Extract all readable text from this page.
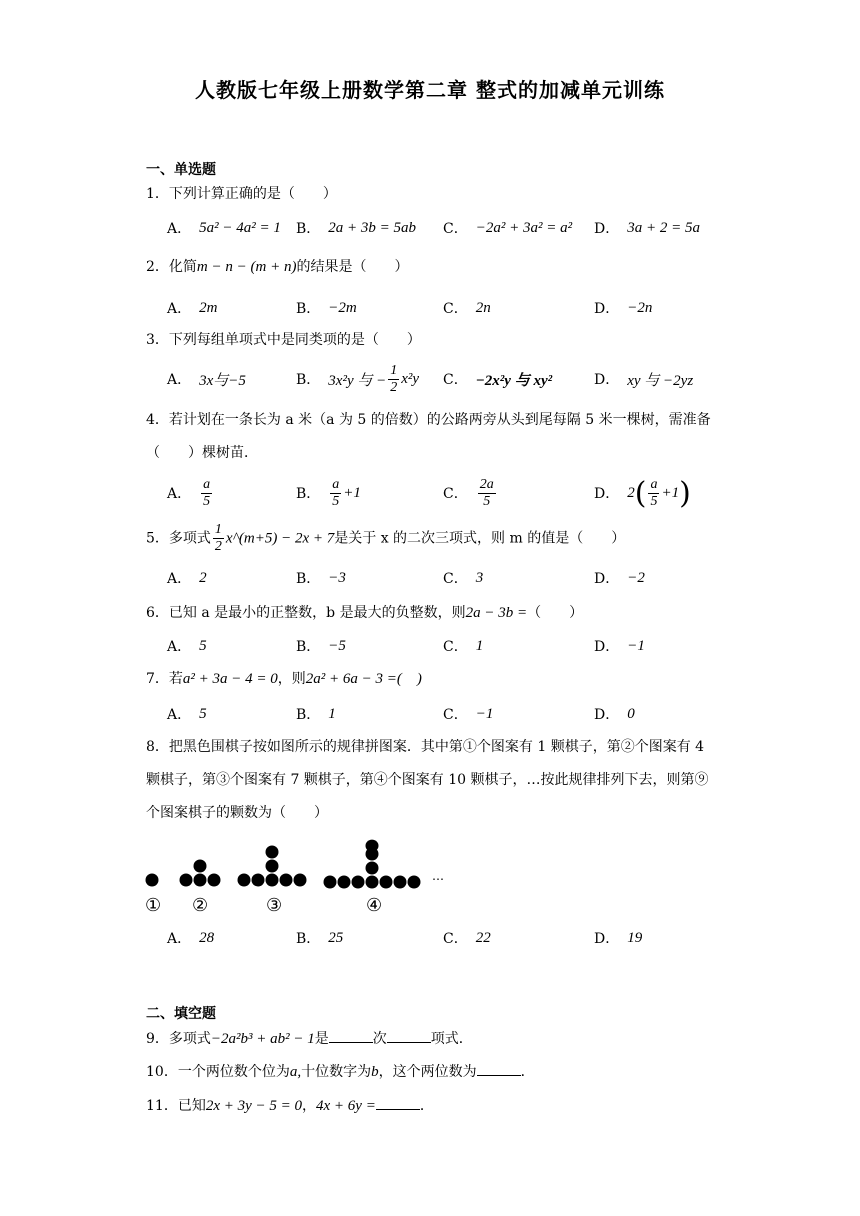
人教版七年级上册数学第二章 整式的加减单元训练
一、单选题
1．下列计算正确的是（　　）
A． 5a² − 4a² = 1 B． 2a + 3b = 5ab C． −2a² + 3a² = a² D． 3a + 2 = 5a
2．化简m − n − (m + n)的结果是（　　）
A． 2m	B． −2m	C． 2n	D． −2n
3．下列每组单项式中是同类项的是（　　）
A． 3x与−5	B． 3x²y 与 − $\frac{1}{2} x^2y$ C． −2x²y 与 xy²	D． xy 与 −2yz
4．若计划在一条长为 a 米（a 为 5 的倍数）的公路两旁从头到尾每隔 5 米一棵树，需准备（　　）棵树苗．
A． $\frac{a}{5}$	B． $\frac{a}{5} +1$	C． $\frac{2a}{5}$	D． 2 ( $\frac{a}{5} +1$ )
5．多项式 $\frac{1}{2}$ x^(m+5) − 2x + 7是关于 x 的二次三项式，则 m 的值是（　　）
A． 2	B． −3	C． 3	D． −2
6．已知 a 是最小的正整数，b 是最大的负整数，则2a − 3b =（　　）
A． 5	B． −5	C． 1	D． −1
7．若a² + 3a − 4 = 0，则2a² + 6a − 3 =(　)
A． 5	B． 1	C． −1	D． 0
8．把黑色围棋子按如图所示的规律拼图案．其中第①个图案有 1 颗棋子，第②个图案有 4 颗棋子，第③个图案有 7 颗棋子，第④个图案有 10 颗棋子，…按此规律排列下去，则第⑨个图案棋子的颗数为（　　）
…
① ②	③	④
A． 28	B． 25	C． 22	D． 19
二、填空题
9．多项式−2a²b³ + ab² − 1是	次	项式．
10．一个两位数个位为a,十位数字为b，这个两位数为	．
11．已知2x + 3y − 5 = 0，4x + 6y =	．
